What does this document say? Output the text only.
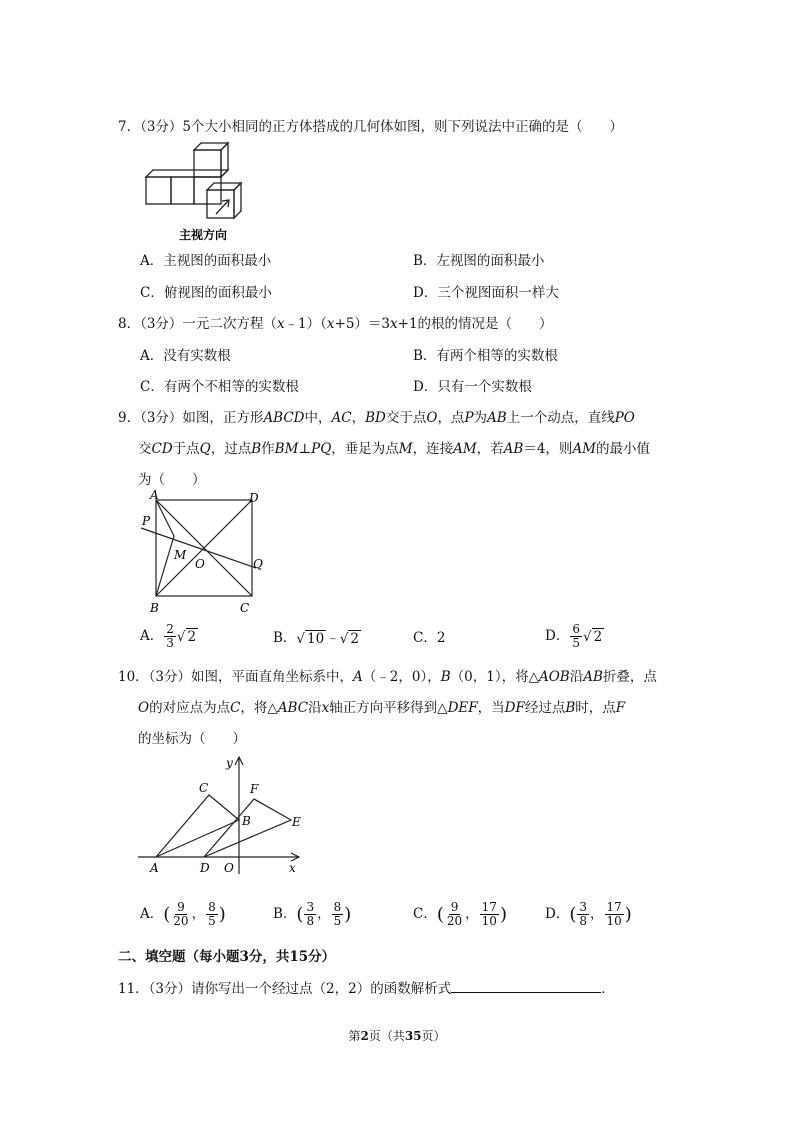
7．（3分）5个大小相同的正方体搭成的几何体如图，则下列说法中正确的是（　　）
主视方向
A．主视图的面积最小	B．左视图的面积最小
C．俯视图的面积最小	D．三个视图面积一样大
8．（3分）一元二次方程（x﹣1）（x+5）＝3x+1的根的情况是（　　）
A．没有实数根	B．有两个相等的实数根
C．有两个不相等的实数根	D．只有一个实数根
9．（3分）如图，正方形ABCD中，AC，BD交于点O，点P为AB上一个动点，直线PO
交CD于点Q，过点B作BM⊥PQ，垂足为点M，连接AM，若AB＝4，则AM的最小值
为（　　）
A	D
P
M
O	Q
B	C
A． $\frac{2}{3}$ √ 2	B．√ 10 ﹣√ 2	C．2	D． $\frac{6}{5}$ √ 2
10．（3分）如图，平面直角坐标系中，A（﹣2，0），B（0，1），将△AOB沿AB折叠，点
O的对应点为点C，将△ABC沿x轴正方向平移得到△DEF，当DF经过点B时，点F
的坐标为（　　）
y
C	F
B	E
A	D O	x
A．( $\frac{9}{20}$ ， $\frac{8}{5}$ )	B．( $\frac{3}{8}$ ， $\frac{8}{5}$ )	C．( $\frac{9}{20}$ ， $\frac{17}{10}$ )	D．( $\frac{3}{8}$ ， $\frac{17}{10}$ )
二、填空题（每小题3分，共15分）
11．（3分）请你写出一个经过点（2，2）的函数解析式	．
第2页（共35页）
